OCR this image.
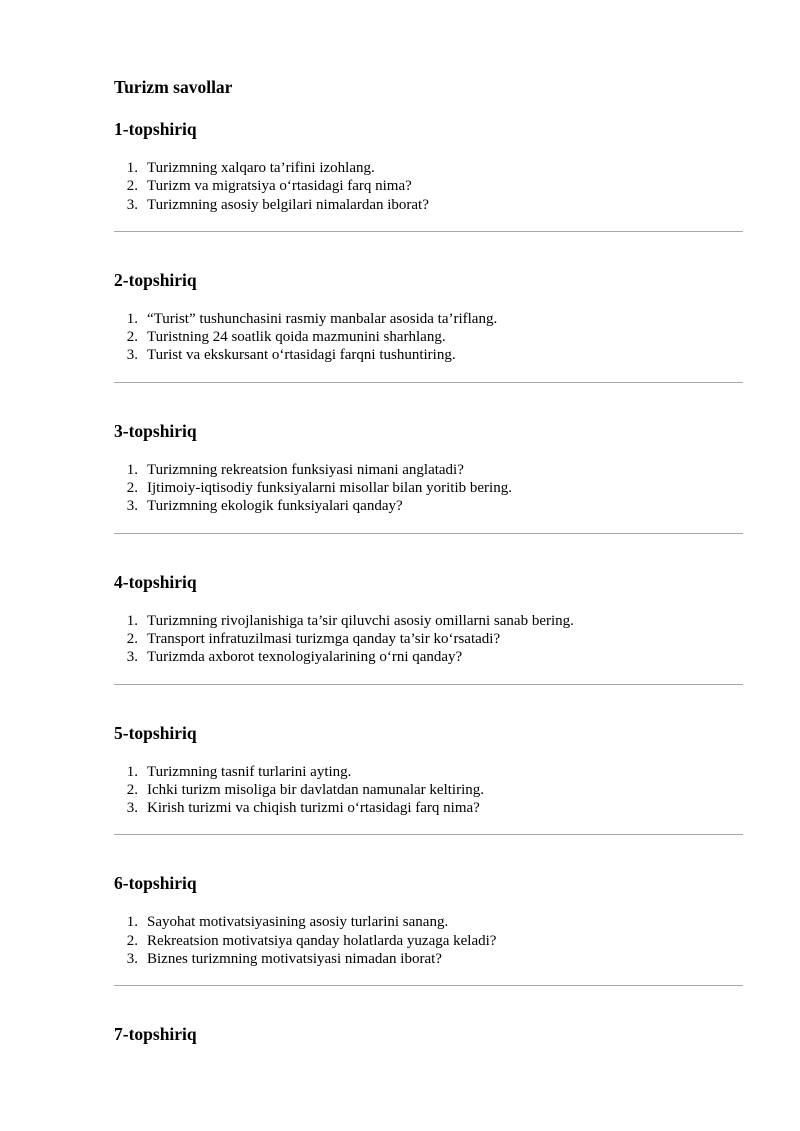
Turizm savollar
1-topshiriq
1. Turizmning xalqaro ta’rifini izohlang.
2. Turizm va migratsiya o‘rtasidagi farq nima?
3. Turizmning asosiy belgilari nimalardan iborat?
2-topshiriq
1. “Turist” tushunchasini rasmiy manbalar asosida ta’riflang.
2. Turistning 24 soatlik qoida mazmunini sharhlang.
3. Turist va ekskursant o‘rtasidagi farqni tushuntiring.
3-topshiriq
1. Turizmning rekreatsion funksiyasi nimani anglatadi?
2. Ijtimoiy-iqtisodiy funksiyalarni misollar bilan yoritib bering.
3. Turizmning ekologik funksiyalari qanday?
4-topshiriq
1. Turizmning rivojlanishiga ta’sir qiluvchi asosiy omillarni sanab bering.
2. Transport infratuzilmasi turizmga qanday ta’sir ko‘rsatadi?
3. Turizmda axborot texnologiyalarining o‘rni qanday?
5-topshiriq
1. Turizmning tasnif turlarini ayting.
2. Ichki turizm misoliga bir davlatdan namunalar keltiring.
3. Kirish turizmi va chiqish turizmi o‘rtasidagi farq nima?
6-topshiriq
1. Sayohat motivatsiyasining asosiy turlarini sanang.
2. Rekreatsion motivatsiya qanday holatlarda yuzaga keladi?
3. Biznes turizmning motivatsiyasi nimadan iborat?
7-topshiriq
